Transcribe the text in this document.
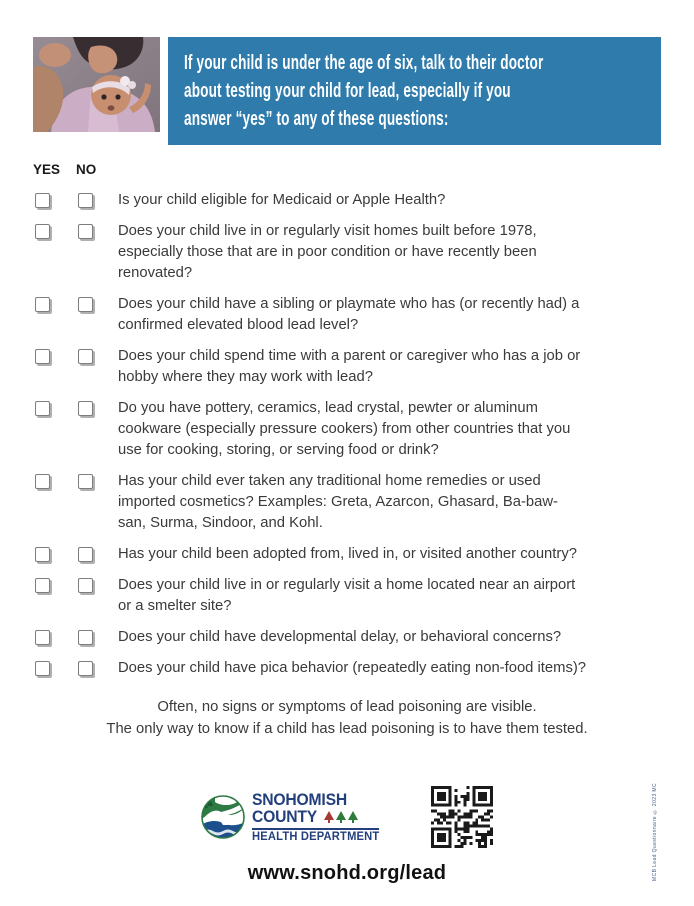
If your child is under the age of six, talk to their doctor
about testing your child for lead, especially if you
answer “yes” to any of these questions:
YES NO
Is your child eligible for Medicaid or Apple Health?
Does your child live in or regularly visit homes built before 1978,
especially those that are in poor condition or have recently been
renovated?
Does your child have a sibling or playmate who has (or recently had) a
confirmed elevated blood lead level?
Does your child spend time with a parent or caregiver who has a job or
hobby where they may work with lead?
Do you have pottery, ceramics, lead crystal, pewter or aluminum
cookware (especially pressure cookers) from other countries that you
use for cooking, storing, or serving food or drink?
Has your child ever taken any traditional home remedies or used
imported cosmetics? Examples: Greta, Azarcon, Ghasard, Ba-baw-
san, Surma, Sindoor, and Kohl.
Has your child been adopted from, lived in, or visited another country?
Does your child live in or regularly visit a home located near an airport
or a smelter site?
Does your child have developmental delay, or behavioral concerns?
Does your child have pica behavior (repeatedly eating non-food items)?
Often, no signs or symptoms of lead poisoning are visible.
The only way to know if a child has lead poisoning is to have them tested.
SNOHOMISH
COUNTY
HEALTH DEPARTMENT
www.snohd.org/lead	MCB Lead Questionnaire © 2023 MC
